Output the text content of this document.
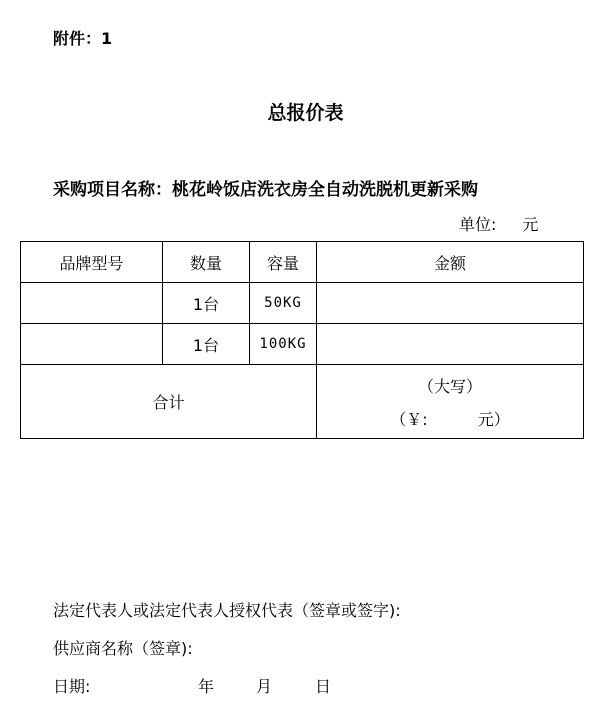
附件：1
总报价表
采购项目名称：桃花岭饭店洗衣房全自动洗脱机更新采购
单位: 元
品牌型号	数量	容量	金额
	1台	50KG	
	1台	100KG	
合计			（大写）
（￥: 元）
法定代表人或法定代表人授权代表（签章或签字):
供应商名称（签章):
日期:	年	月	日
